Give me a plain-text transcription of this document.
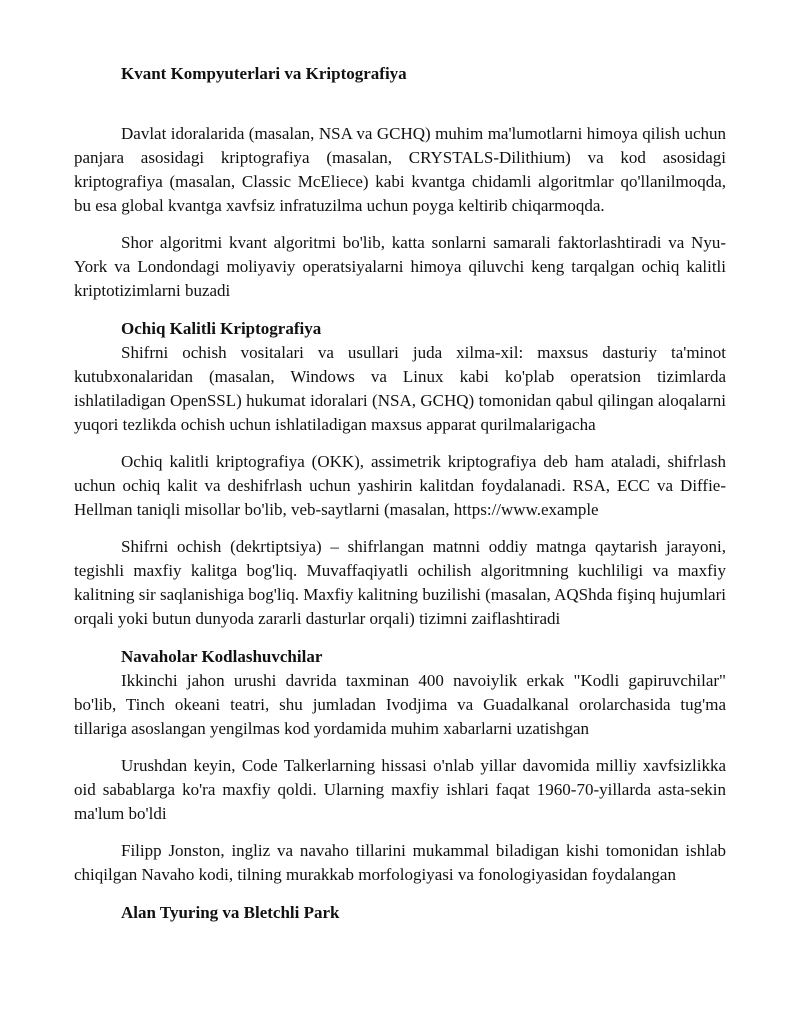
Kvant Kompyuterlari va Kriptografiya

Davlat idoralarida (masalan, NSA va GCHQ) muhim ma'lumotlarni himoya qilish uchun panjara asosidagi kriptografiya (masalan, CRYSTALS-Dilithium) va kod asosidagi kriptografiya (masalan, Classic McEliece) kabi kvantga chidamli algoritmlar qo'llanilmoqda, bu esa global kvantga xavfsiz infratuzilma uchun poyga keltirib chiqarmoqda.

Shor algoritmi kvant algoritmi bo'lib, katta sonlarni samarali faktorlashtiradi va Nyu-York va Londondagi moliyaviy operatsiyalarni himoya qiluvchi keng tarqalgan ochiq kalitli kriptotizimlarni buzadi

Ochiq Kalitli Kriptografiya

Shifrni ochish vositalari va usullari juda xilma-xil: maxsus dasturiy ta'minot kutubxonalaridan (masalan, Windows va Linux kabi ko'plab operatsion tizimlarda ishlatiladigan OpenSSL) hukumat idoralari (NSA, GCHQ) tomonidan qabul qilingan aloqalarni yuqori tezlikda ochish uchun ishlatiladigan maxsus apparat qurilmalarigacha

Ochiq kalitli kriptografiya (OKK), assimetrik kriptografiya deb ham ataladi, shifrlash uchun ochiq kalit va deshifrlash uchun yashirin kalitdan foydalanadi. RSA, ECC va Diffie-Hellman taniqli misollar bo'lib, veb-saytlarni (masalan, https://www.example

Shifrni ochish (dekrtiptsiya) – shifrlangan matnni oddiy matnga qaytarish jarayoni, tegishli maxfiy kalitga bog'liq. Muvaffaqiyatli ochilish algoritmning kuchliligi va maxfiy kalitning sir saqlanishiga bog'liq. Maxfiy kalitning buzilishi (masalan, AQShda fişinq hujumlari orqali yoki butun dunyoda zararli dasturlar orqali) tizimni zaiflashtiradi

Navaholar Kodlashuvchilar

Ikkinchi jahon urushi davrida taxminan 400 navoiylik erkak "Kodli gapiruvchilar" bo'lib, Tinch okeani teatri, shu jumladan Ivodjima va Guadalkanal orolarchasida tug'ma tillariga asoslangan yengilmas kod yordamida muhim xabarlarni uzatishgan

Urushdan keyin, Code Talkerlarning hissasi o'nlab yillar davomida milliy xavfsizlikka oid sabablarga ko'ra maxfiy qoldi. Ularning maxfiy ishlari faqat 1960-70-yillarda asta-sekin ma'lum bo'ldi

Filipp Jonston, ingliz va navaho tillarini mukammal biladigan kishi tomonidan ishlab chiqilgan Navaho kodi, tilning murakkab morfologiyasi va fonologiyasidan foydalangan

Alan Tyuring va Bletchli Park
